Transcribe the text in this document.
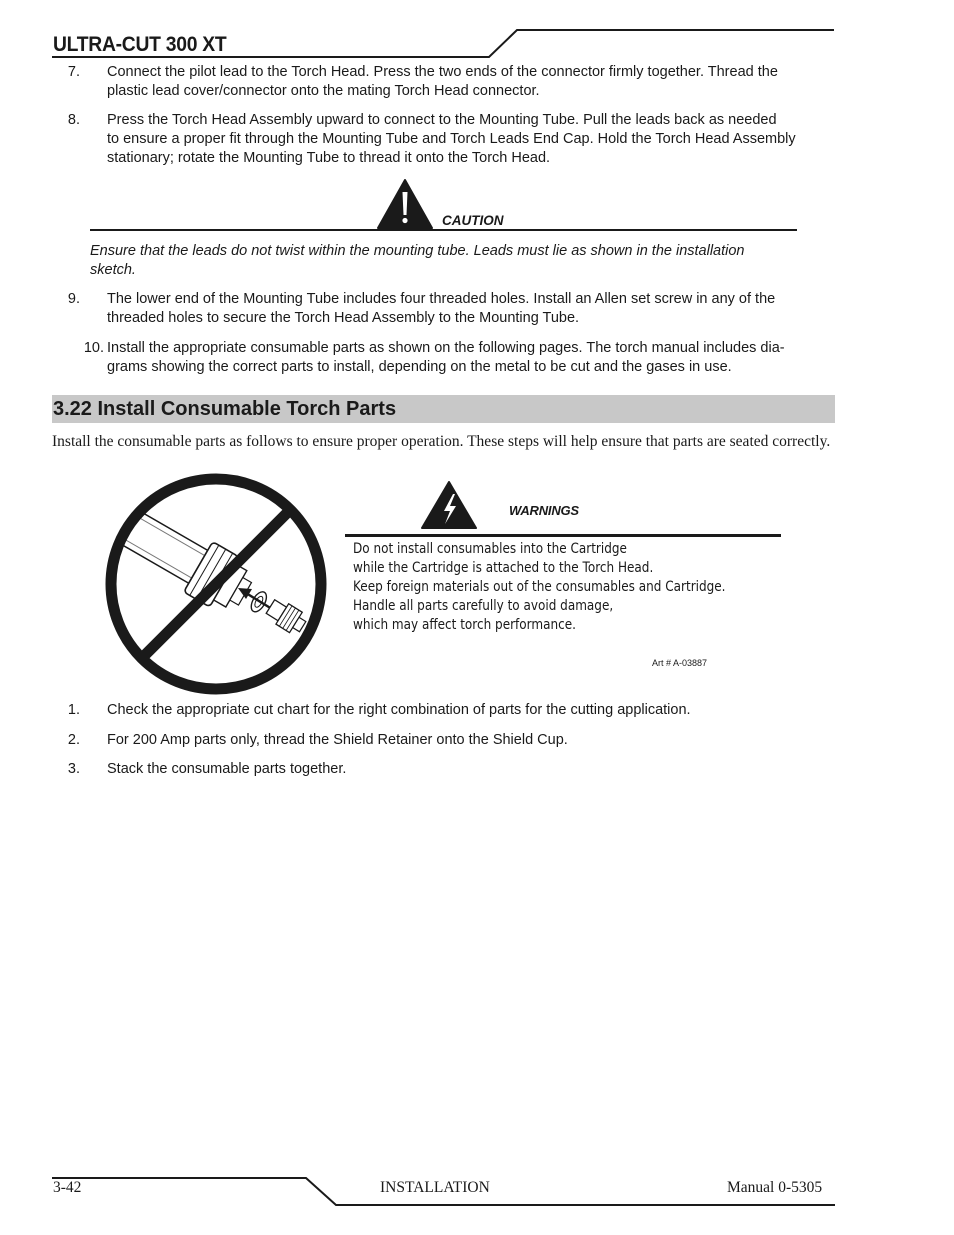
ULTRA-CUT 300 XT
7. Connect the pilot lead to the Torch Head. Press the two ends of the connector firmly together. Thread the
plastic lead cover/connector onto the mating Torch Head connector.
8. Press the Torch Head Assembly upward to connect to the Mounting Tube. Pull the leads back as needed
to ensure a proper fit through the Mounting Tube and Torch Leads End Cap. Hold the Torch Head Assembly
stationary; rotate the Mounting Tube to thread it onto the Torch Head.
CAUTION
Ensure that the leads do not twist within the mounting tube. Leads must lie as shown in the installation
sketch.
9. The lower end of the Mounting Tube includes four threaded holes. Install an Allen set screw in any of the
threaded holes to secure the Torch Head Assembly to the Mounting Tube.
10. Install the appropriate consumable parts as shown on the following pages. The torch manual includes dia-
grams showing the correct parts to install, depending on the metal to be cut and the gases in use.
3.22 Install Consumable Torch Parts
Install the consumable parts as follows to ensure proper operation. These steps will help ensure that parts are seated correctly.
WARNINGS
Do not install consumables into the Cartridge
while the Cartridge is attached to the Torch Head.
Keep foreign materials out of the consumables and Cartridge.
Handle all parts carefully to avoid damage,
which may affect torch performance.
Art # A-03887
1. Check the appropriate cut chart for the right combination of parts for the cutting application.
2. For 200 Amp parts only, thread the Shield Retainer onto the Shield Cup.
3. Stack the consumable parts together.
3-42	INSTALLATION	Manual 0-5305
